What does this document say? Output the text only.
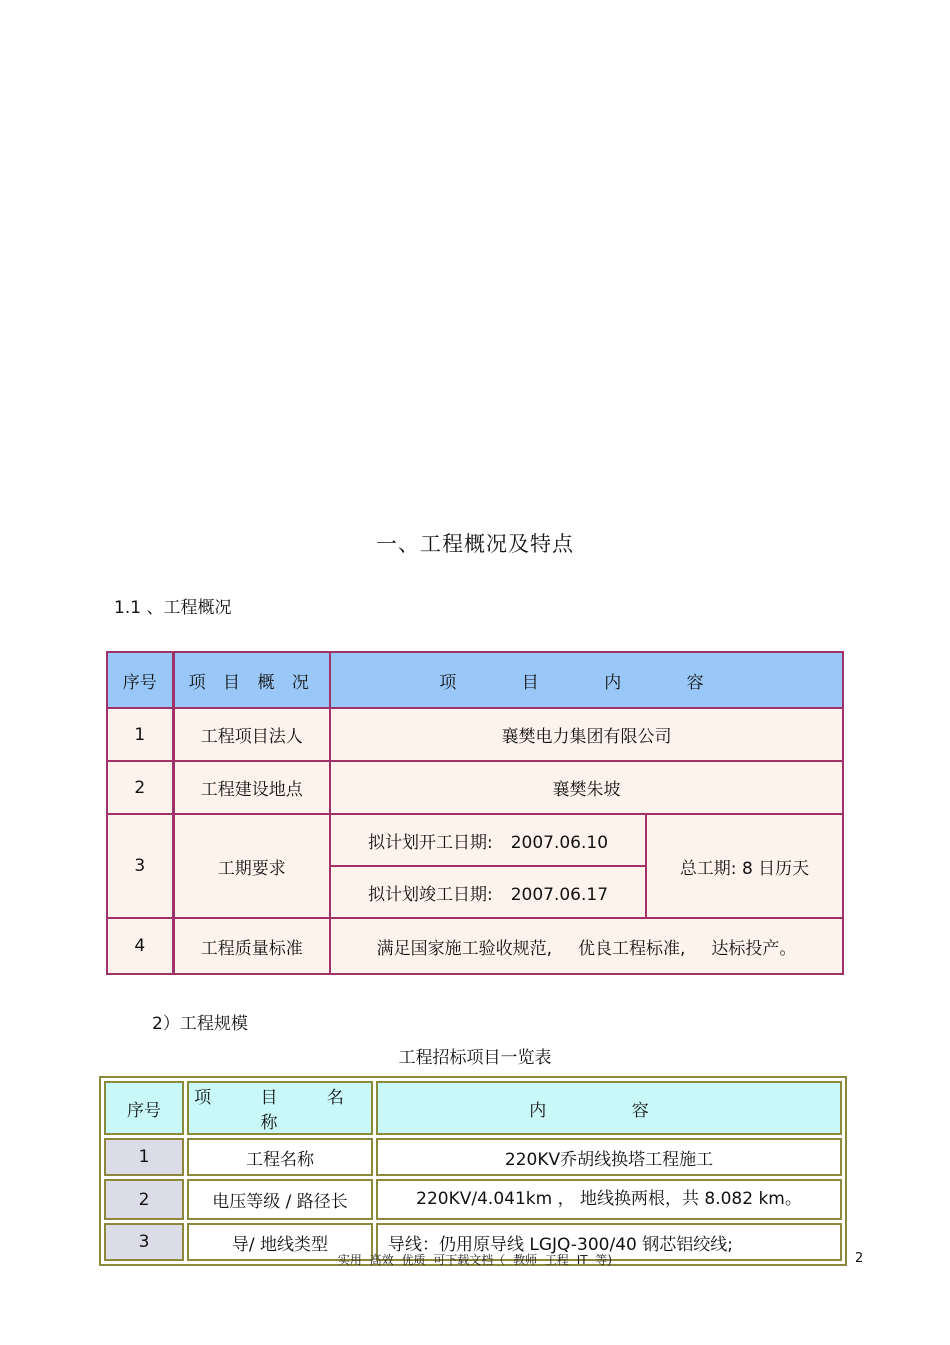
一、工程概况及特点
1.1 、工程概况
序号	项 目 概 况	项 目 内 容	
1	工程项目法人	襄樊电力集团有限公司	
2	工程建设地点	襄樊朱坡	
3	工期要求	拟计划开工日期: 2007.06.10	总工期: 8 日历天
		拟计划竣工日期: 2007.06.17	
4	工程质量标准	满足国家施工验收规范, 优良工程标准, 达标投产。	
2）工程规模
工程招标项目一览表
序号	项 目 名 称	内 容
1	工程名称	220KV乔胡线换塔工程施工
2	电压等级 / 路径长	220KV/4.041km ， 地线换两根，共 8.082 km。
3	导/ 地线类型	导线：仍用原导线 LGJQ-300/40 钢芯铝绞线;
实用 高效 优质 可下载文档（ 教师 工程 IT 等)	2
